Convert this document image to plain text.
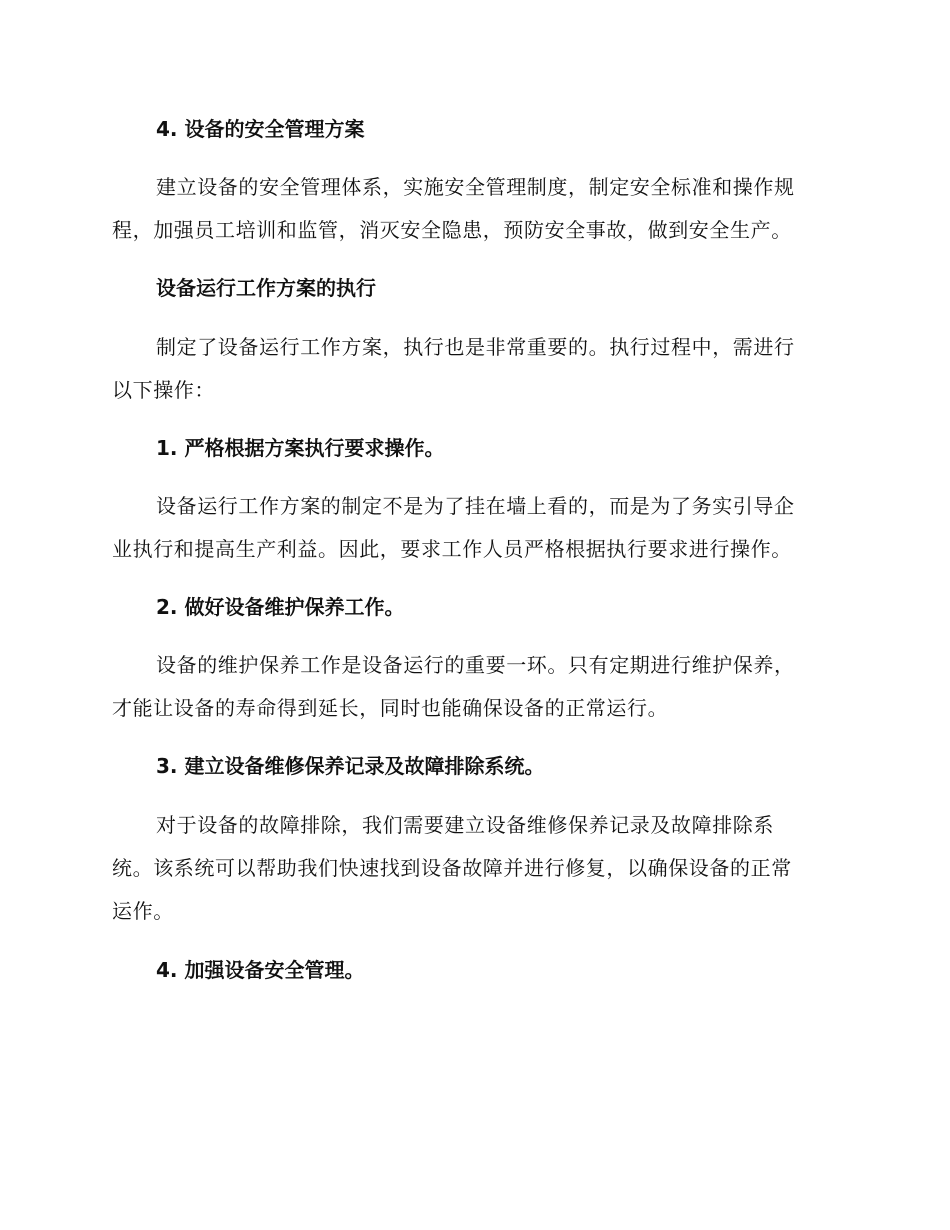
4. 设备的安全管理方案
建立设备的安全管理体系，实施安全管理制度，制定安全标准和操作规
程，加强员工培训和监管，消灭安全隐患，预防安全事故，做到安全生产。
设备运行工作方案的执行
制定了设备运行工作方案，执行也是非常重要的。执行过程中，需进行
以下操作：
1. 严格根据方案执行要求操作。
设备运行工作方案的制定不是为了挂在墙上看的，而是为了务实引导企
业执行和提高生产利益。因此，要求工作人员严格根据执行要求进行操作。
2. 做好设备维护保养工作。
设备的维护保养工作是设备运行的重要一环。只有定期进行维护保养，
才能让设备的寿命得到延长，同时也能确保设备的正常运行。
3. 建立设备维修保养记录及故障排除系统。
对于设备的故障排除，我们需要建立设备维修保养记录及故障排除系
统。该系统可以帮助我们快速找到设备故障并进行修复，以确保设备的正常
运作。
4. 加强设备安全管理。
